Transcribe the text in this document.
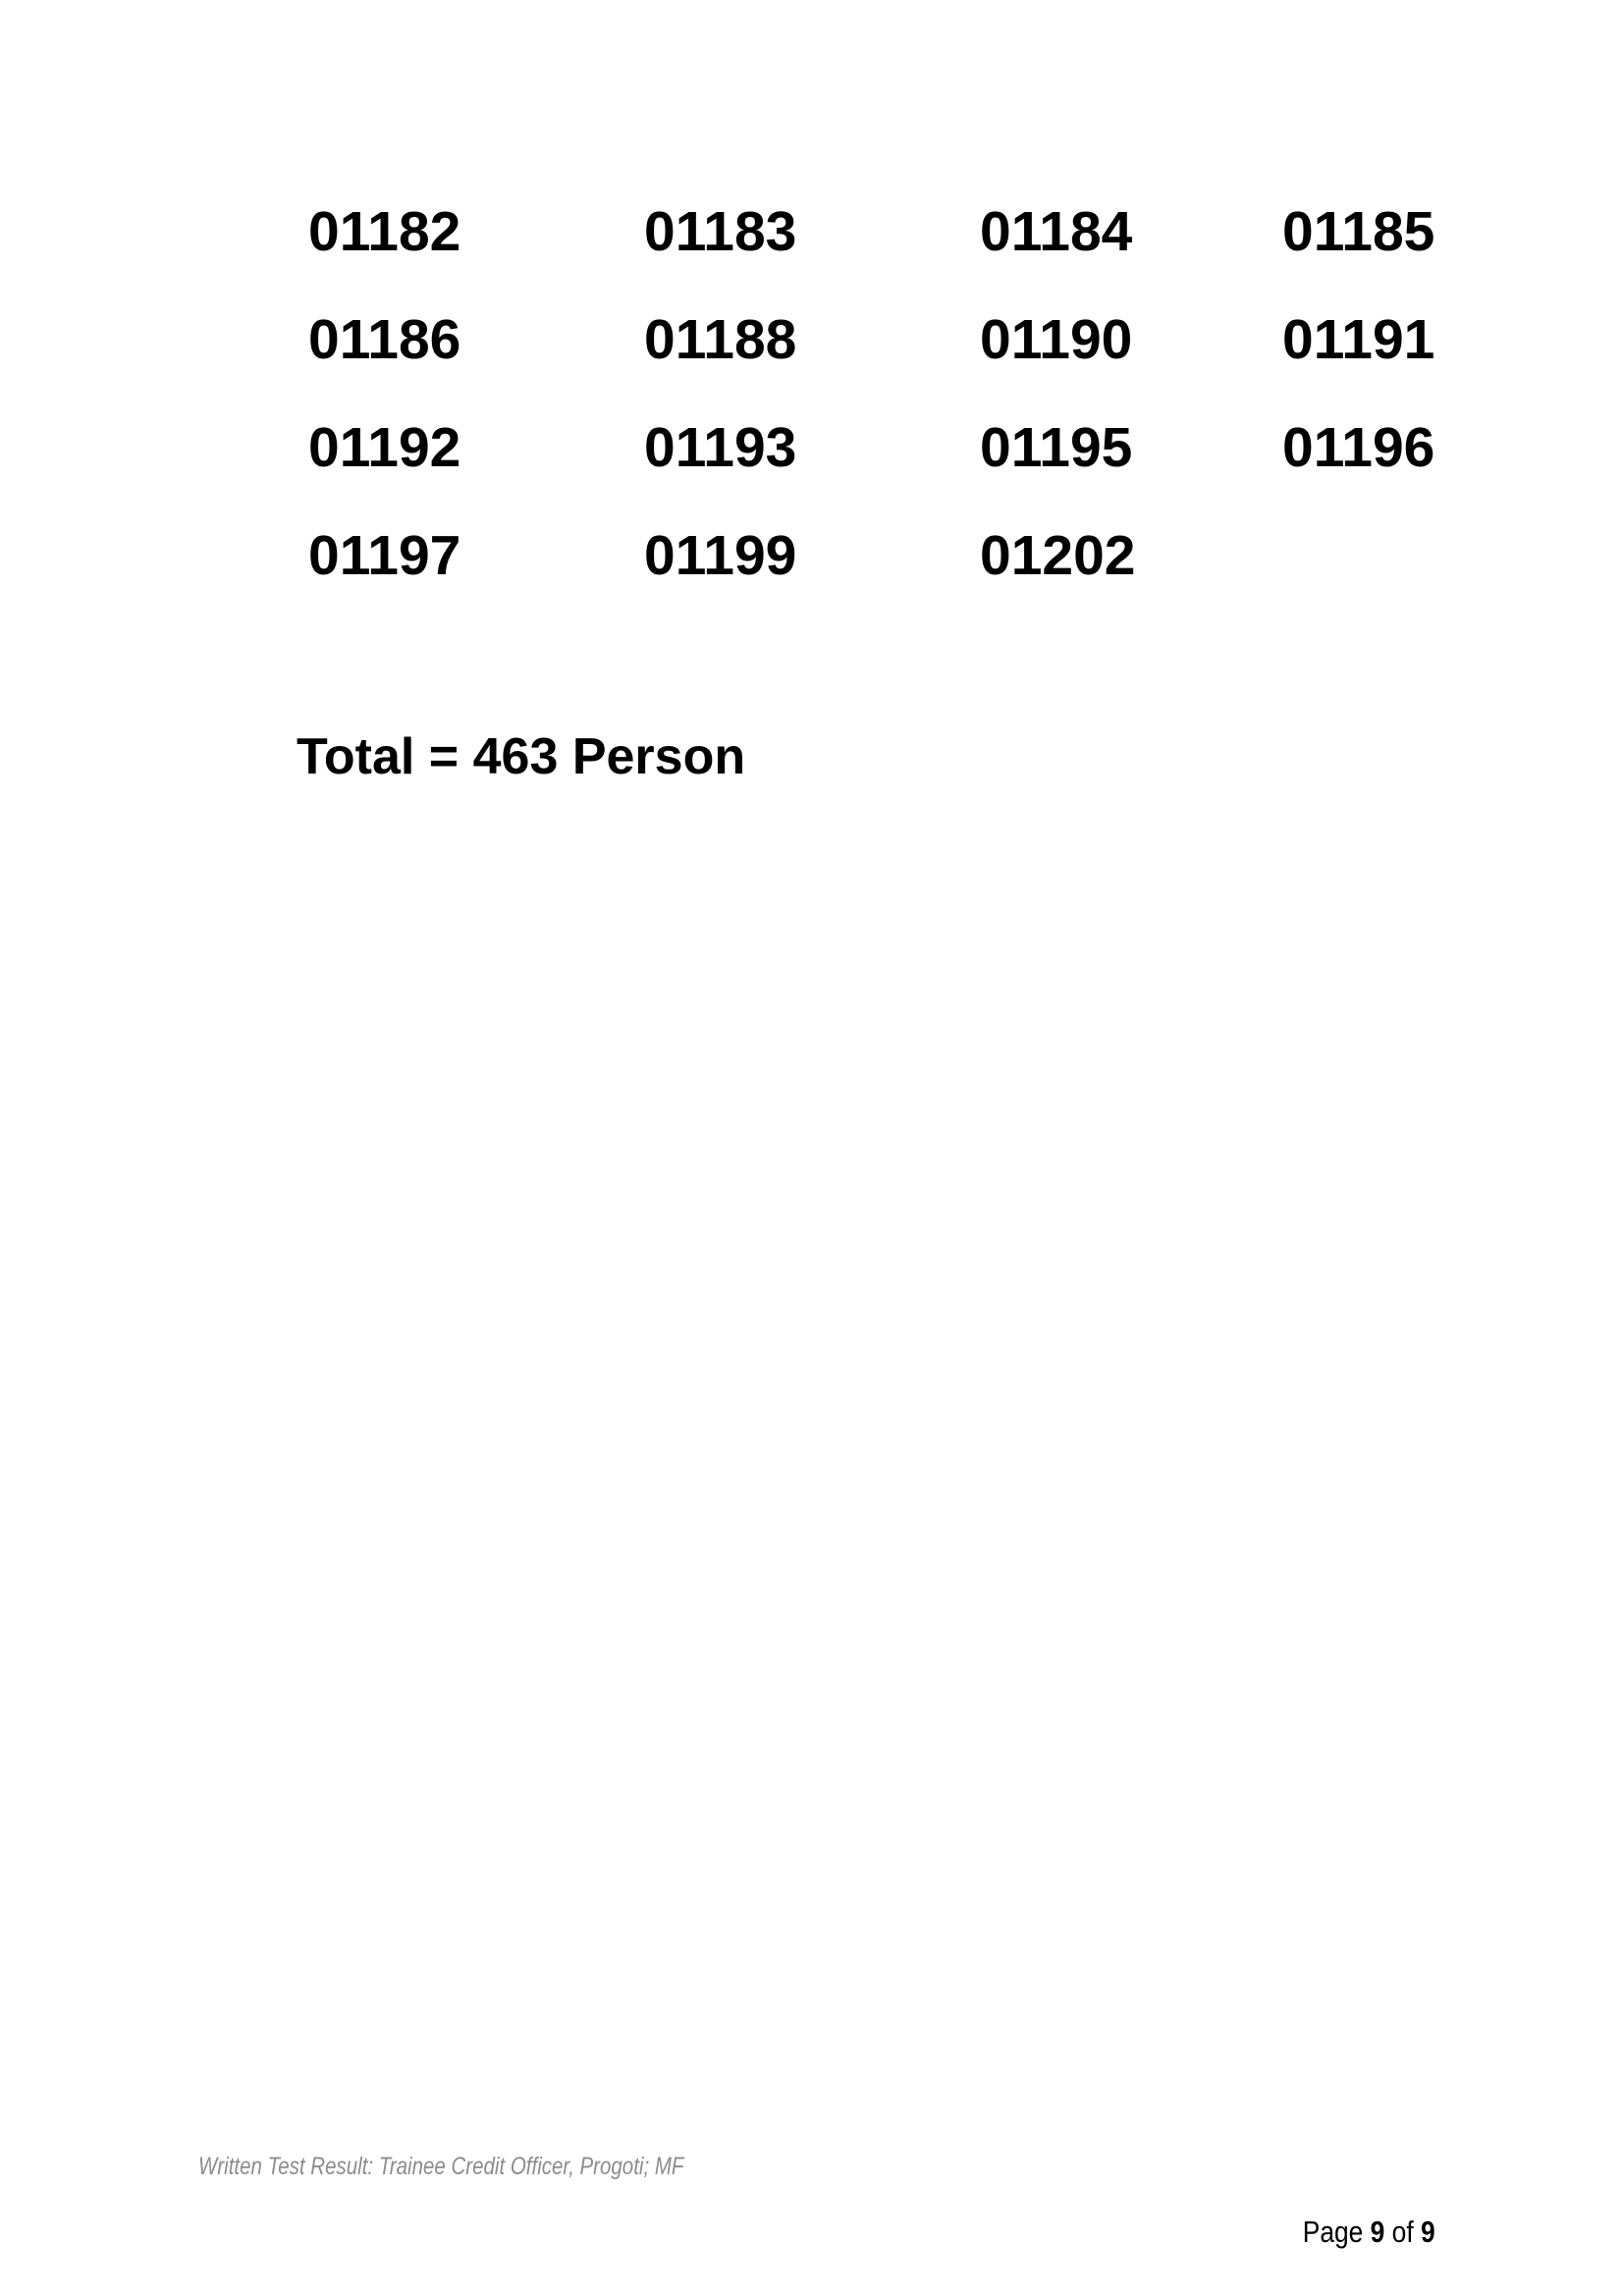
01182	01183	01184	01185
01186	01188	01190	01191
01192	01193	01195	01196
01197	01199	01202
Total = 463 Person
Written Test Result: Trainee Credit Officer, Progoti; MF
Page 9 of 9
